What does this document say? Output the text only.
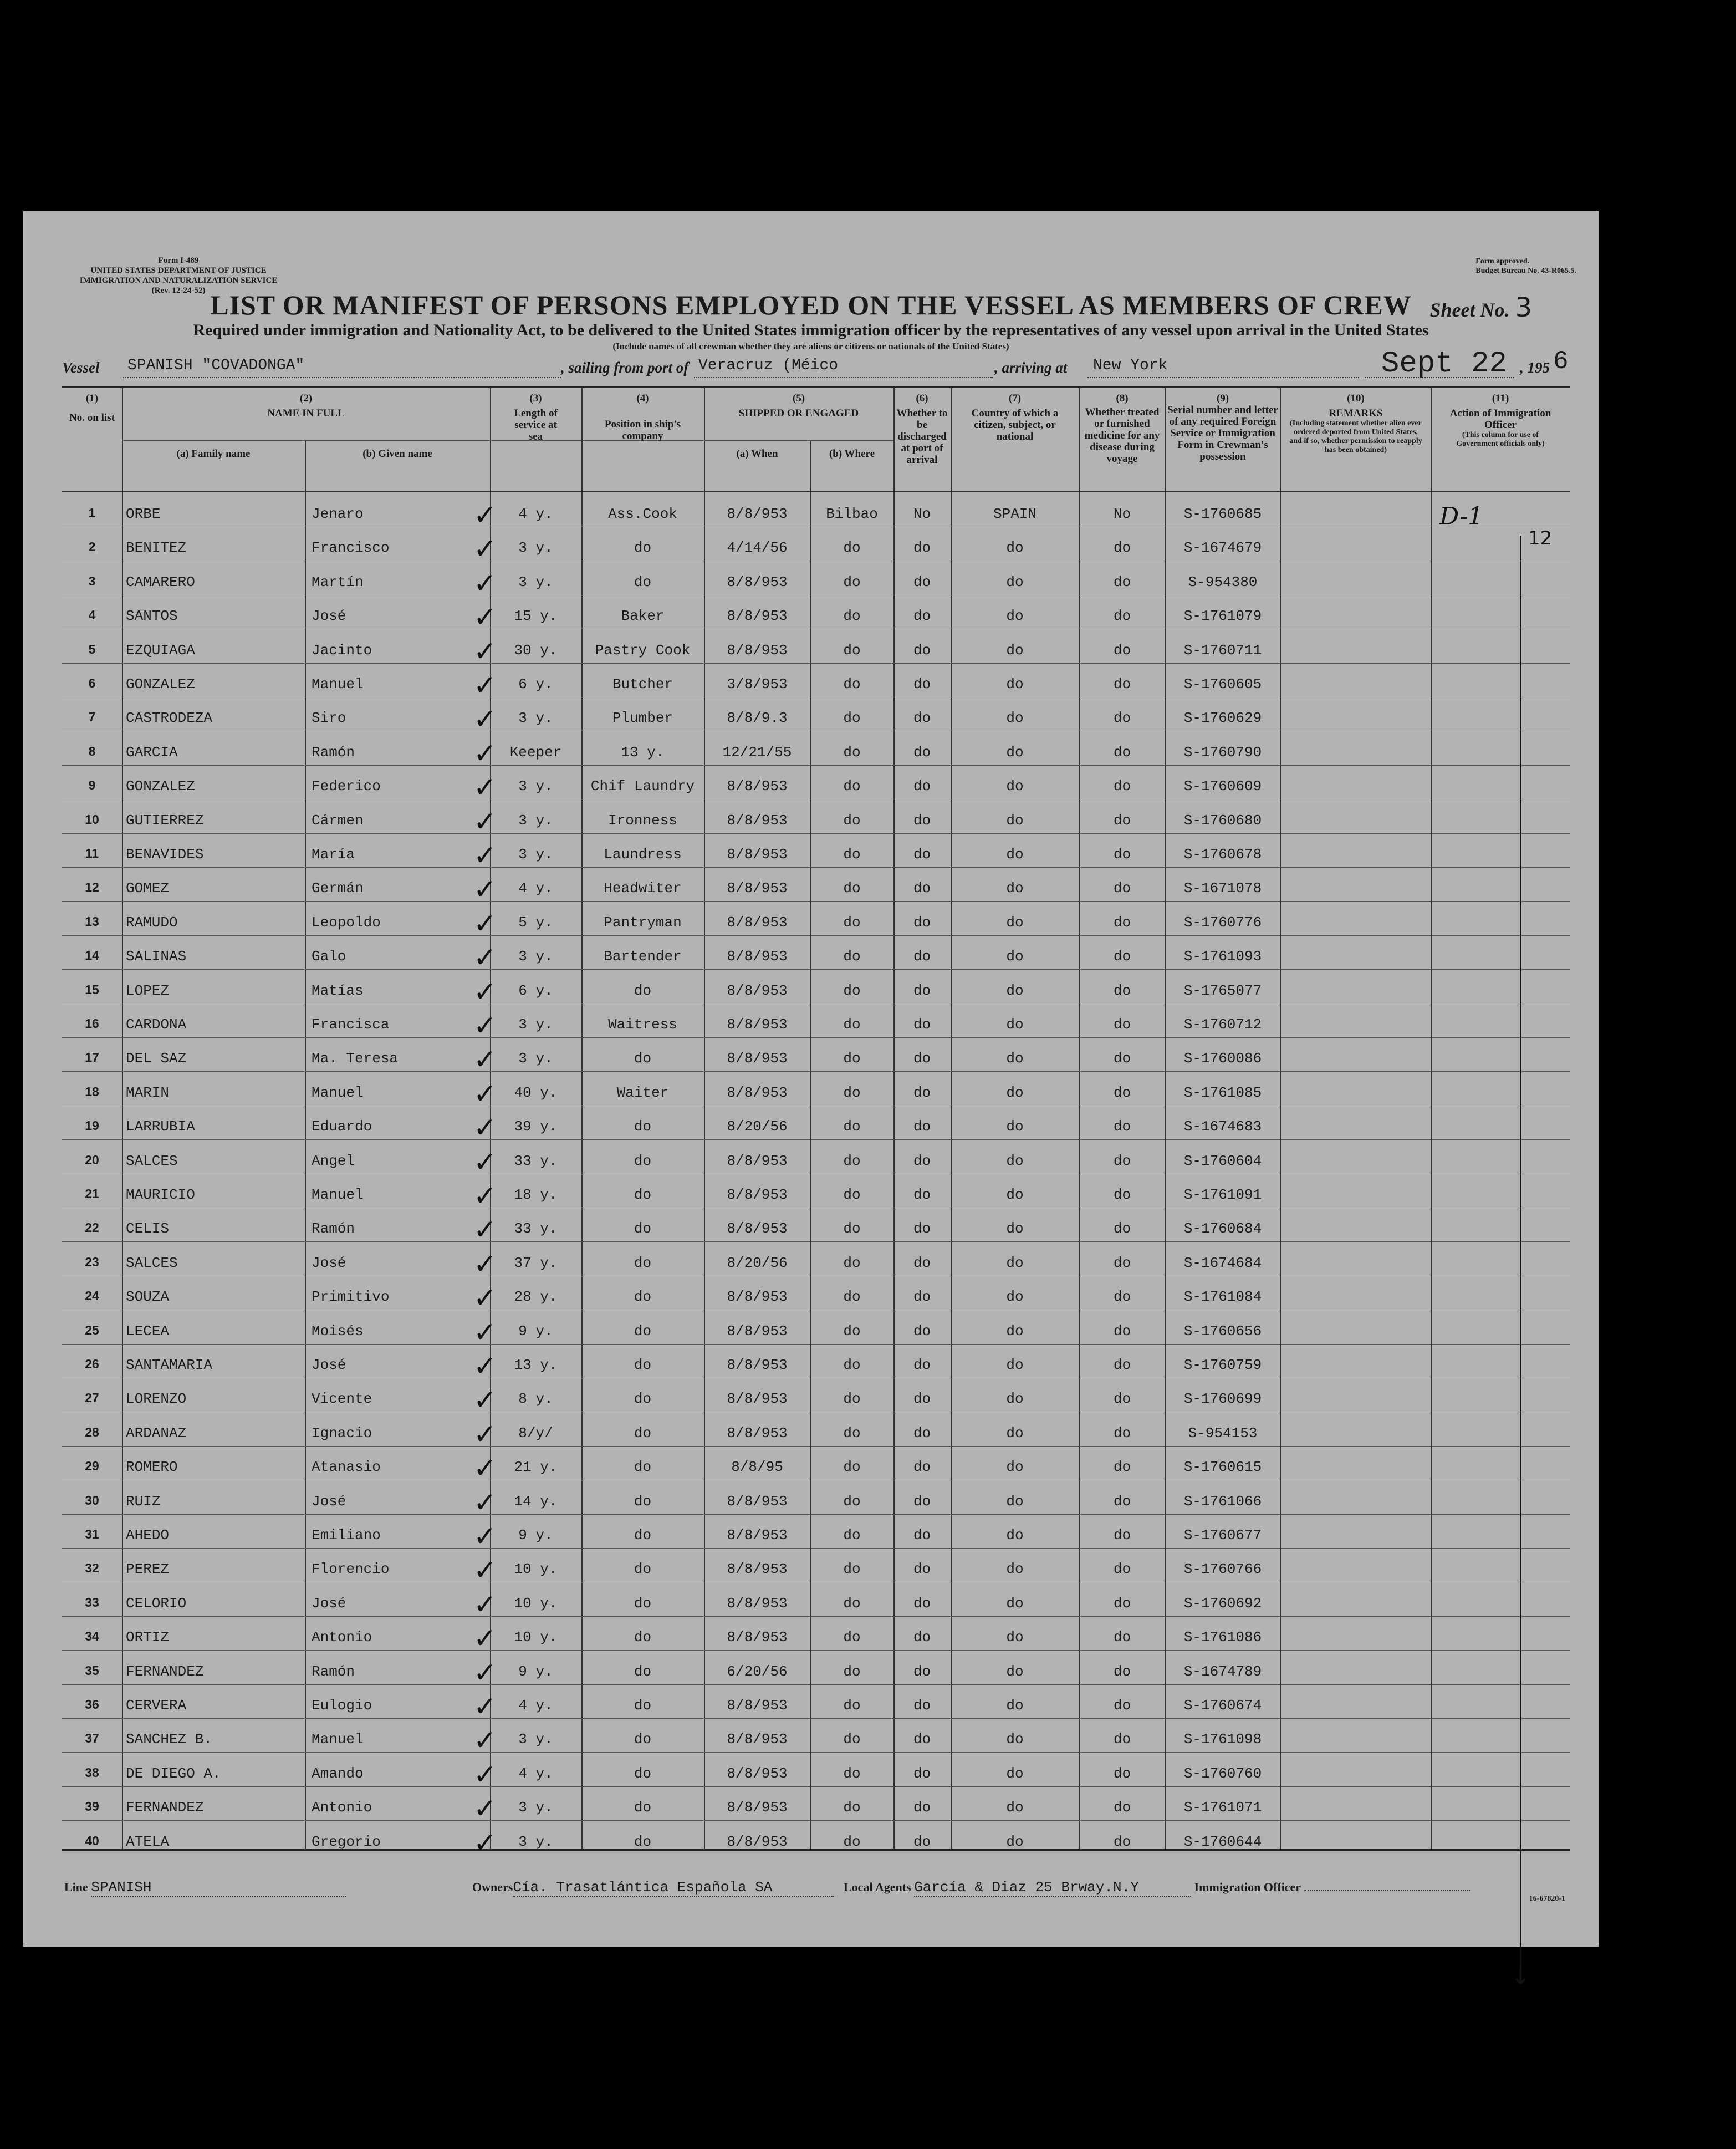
Form I-489
UNITED STATES DEPARTMENT OF JUSTICE
IMMIGRATION AND NATURALIZATION SERVICE
(Rev. 12-24-52)
Form approved.
Budget Bureau No. 43-R065.5.
LIST OR MANIFEST OF PERSONS EMPLOYED ON THE VESSEL AS MEMBERS OF CREW Sheet No. 3
Required under immigration and Nationality Act, to be delivered to the United States immigration officer by the representatives of any vessel upon arrival in the United States
(Include names of all crewman whether they are aliens or citizens or nationals of the United States)
Vessel SPANISH "COVADONGA"	, sailing from port of Veracruz (Méico	, arriving at New York	Sept 22 , 195 6
(1)
No. on list
(2)
NAME IN FULL
(a) Family name	(b) Given name
(3)
Length of service at sea
(4)
Position in ship's company
(5)
SHIPPED OR ENGAGED
(a) When	(b) Where
(6)
Whether to be discharged at port of arrival
(7)
Country of which a citizen, subject, or national
(8)
Whether treated or furnished medicine for any disease during voyage
(9)
Serial number and letter of any required Foreign Service or Immigration Form in Crewman's possession
(10)
REMARKS
(Including statement whether alien ever ordered deported from United States, and if so, whether permission to reapply has been obtained)
(11)
Action of Immigration Officer
(This column for use of Government officials only)
1	ORBE	Jenaro	4 y.	Ass.Cook	8/8/953	Bilbao	No	SPAIN	No	S-1760685
✓
2	BENITEZ	Francisco	3 y.	do	4/14/56	do	do	do	do	S-1674679
✓
3	CAMARERO	Martín	3 y.	do	8/8/953	do	do	do	do	S-954380
✓
4	SANTOS	José	15 y.	Baker	8/8/953	do	do	do	do	S-1761079
✓
5	EZQUIAGA	Jacinto	30 y.	Pastry Cook	8/8/953	do	do	do	do	S-1760711
✓
6	GONZALEZ	Manuel	6 y.	Butcher	3/8/953	do	do	do	do	S-1760605
✓
7	CASTRODEZA	Siro	3 y.	Plumber	8/8/9.3	do	do	do	do	S-1760629
✓
8	GARCIA	Ramón	Keeper	13 y.	12/21/55	do	do	do	do	S-1760790
✓
9	GONZALEZ	Federico	3 y.	Chif Laundry	8/8/953	do	do	do	do	S-1760609
✓
10	GUTIERREZ	Cármen	3 y.	Ironness	8/8/953	do	do	do	do	S-1760680
✓
11	BENAVIDES	María	3 y.	Laundress	8/8/953	do	do	do	do	S-1760678
✓
12	GOMEZ	Germán	4 y.	Headwiter	8/8/953	do	do	do	do	S-1671078
✓
13	RAMUDO	Leopoldo	5 y.	Pantryman	8/8/953	do	do	do	do	S-1760776
✓
14	SALINAS	Galo	3 y.	Bartender	8/8/953	do	do	do	do	S-1761093
✓
15	LOPEZ	Matías	6 y.	do	8/8/953	do	do	do	do	S-1765077
✓
16	CARDONA	Francisca	3 y.	Waitress	8/8/953	do	do	do	do	S-1760712
✓
17	DEL SAZ	Ma. Teresa	3 y.	do	8/8/953	do	do	do	do	S-1760086
✓
18	MARIN	Manuel	40 y.	Waiter	8/8/953	do	do	do	do	S-1761085
✓
19	LARRUBIA	Eduardo	39 y.	do	8/20/56	do	do	do	do	S-1674683
✓
20	SALCES	Angel	33 y.	do	8/8/953	do	do	do	do	S-1760604
✓
21	MAURICIO	Manuel	18 y.	do	8/8/953	do	do	do	do	S-1761091
✓
22	CELIS	Ramón	33 y.	do	8/8/953	do	do	do	do	S-1760684
✓
23	SALCES	José	37 y.	do	8/20/56	do	do	do	do	S-1674684
✓
24	SOUZA	Primitivo	28 y.	do	8/8/953	do	do	do	do	S-1761084
✓
25	LECEA	Moisés	9 y.	do	8/8/953	do	do	do	do	S-1760656
✓
26	SANTAMARIA	José	13 y.	do	8/8/953	do	do	do	do	S-1760759
✓
27	LORENZO	Vicente	8 y.	do	8/8/953	do	do	do	do	S-1760699
✓
28	ARDANAZ	Ignacio	8/y/	do	8/8/953	do	do	do	do	S-954153
✓
29	ROMERO	Atanasio	21 y.	do	8/8/95	do	do	do	do	S-1760615
✓
30	RUIZ	José	14 y.	do	8/8/953	do	do	do	do	S-1761066
✓
31	AHEDO	Emiliano	9 y.	do	8/8/953	do	do	do	do	S-1760677
✓
32	PEREZ	Florencio	10 y.	do	8/8/953	do	do	do	do	S-1760766
✓
33	CELORIO	José	10 y.	do	8/8/953	do	do	do	do	S-1760692
✓
34	ORTIZ	Antonio	10 y.	do	8/8/953	do	do	do	do	S-1761086
✓
35	FERNANDEZ	Ramón	9 y.	do	6/20/56	do	do	do	do	S-1674789
✓
36	CERVERA	Eulogio	4 y.	do	8/8/953	do	do	do	do	S-1760674
✓
37	SANCHEZ B.	Manuel	3 y.	do	8/8/953	do	do	do	do	S-1761098
✓
38	DE DIEGO A.	Amando	4 y.	do	8/8/953	do	do	do	do	S-1760760
✓
39	FERNANDEZ	Antonio	3 y.	do	8/8/953	do	do	do	do	S-1761071
✓
40	ATELA	Gregorio	3 y.	do	8/8/953	do	do	do	do	S-1760644
✓
D-1
12
↓
Line SPANISH	OwnersCía. Trasatlántica Española SA	Local Agents García & Diaz 25 Brway.N.Y	Immigration Officer
16-67820-1
